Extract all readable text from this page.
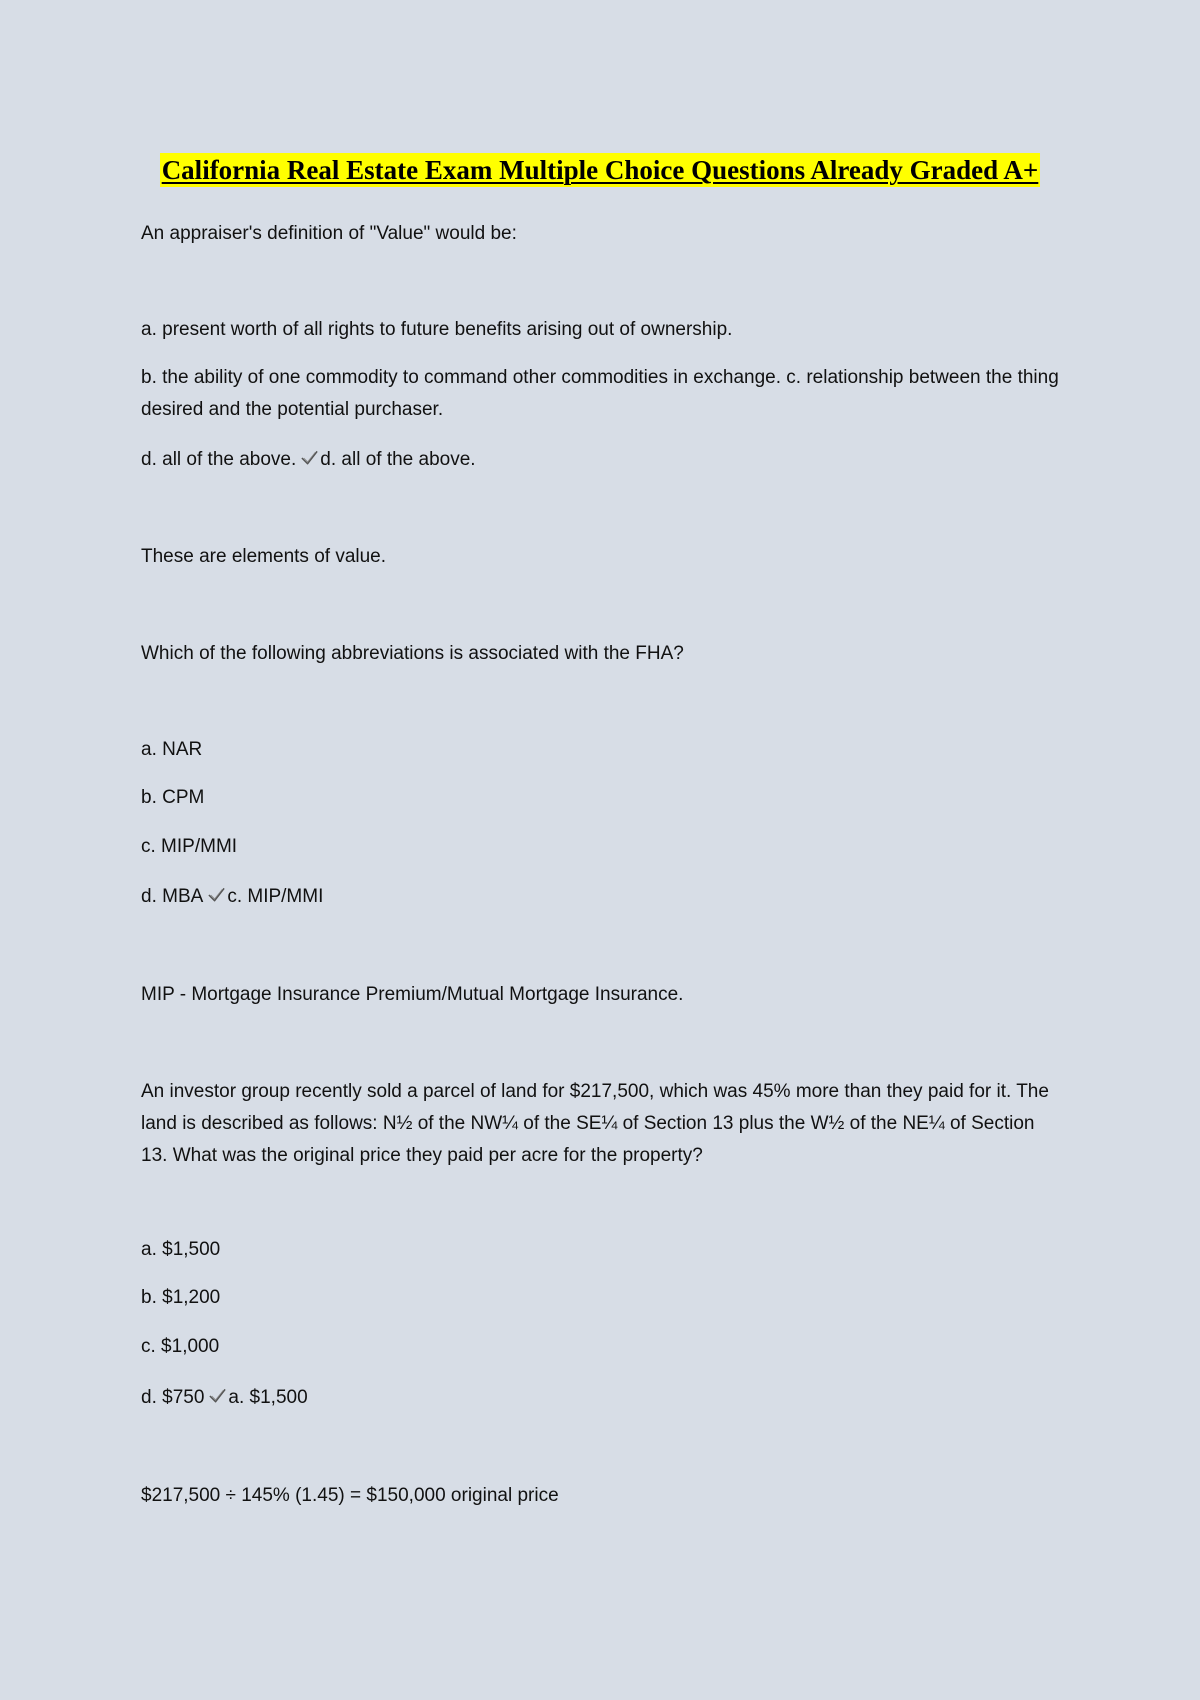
California Real Estate Exam Multiple Choice Questions Already Graded A+

An appraiser's definition of "Value" would be:

a. present worth of all rights to future benefits arising out of ownership.

b. the ability of one commodity to command other commodities in exchange. c. relationship between the thing desired and the potential purchaser.

d. all of the above. d. all of the above.

These are elements of value.

Which of the following abbreviations is associated with the FHA?

a. NAR

b. CPM

c. MIP/MMI

d. MBA c. MIP/MMI

MIP - Mortgage Insurance Premium/Mutual Mortgage Insurance.

An investor group recently sold a parcel of land for $217,500, which was 45% more than they paid for it. The land is described as follows: N½ of the NW¼ of the SE¼ of Section 13 plus the W½ of the NE¼ of Section 13. What was the original price they paid per acre for the property?

a. $1,500

b. $1,200

c. $1,000

d. $750 a. $1,500

$217,500 ÷ 145% (1.45) = $150,000 original price
